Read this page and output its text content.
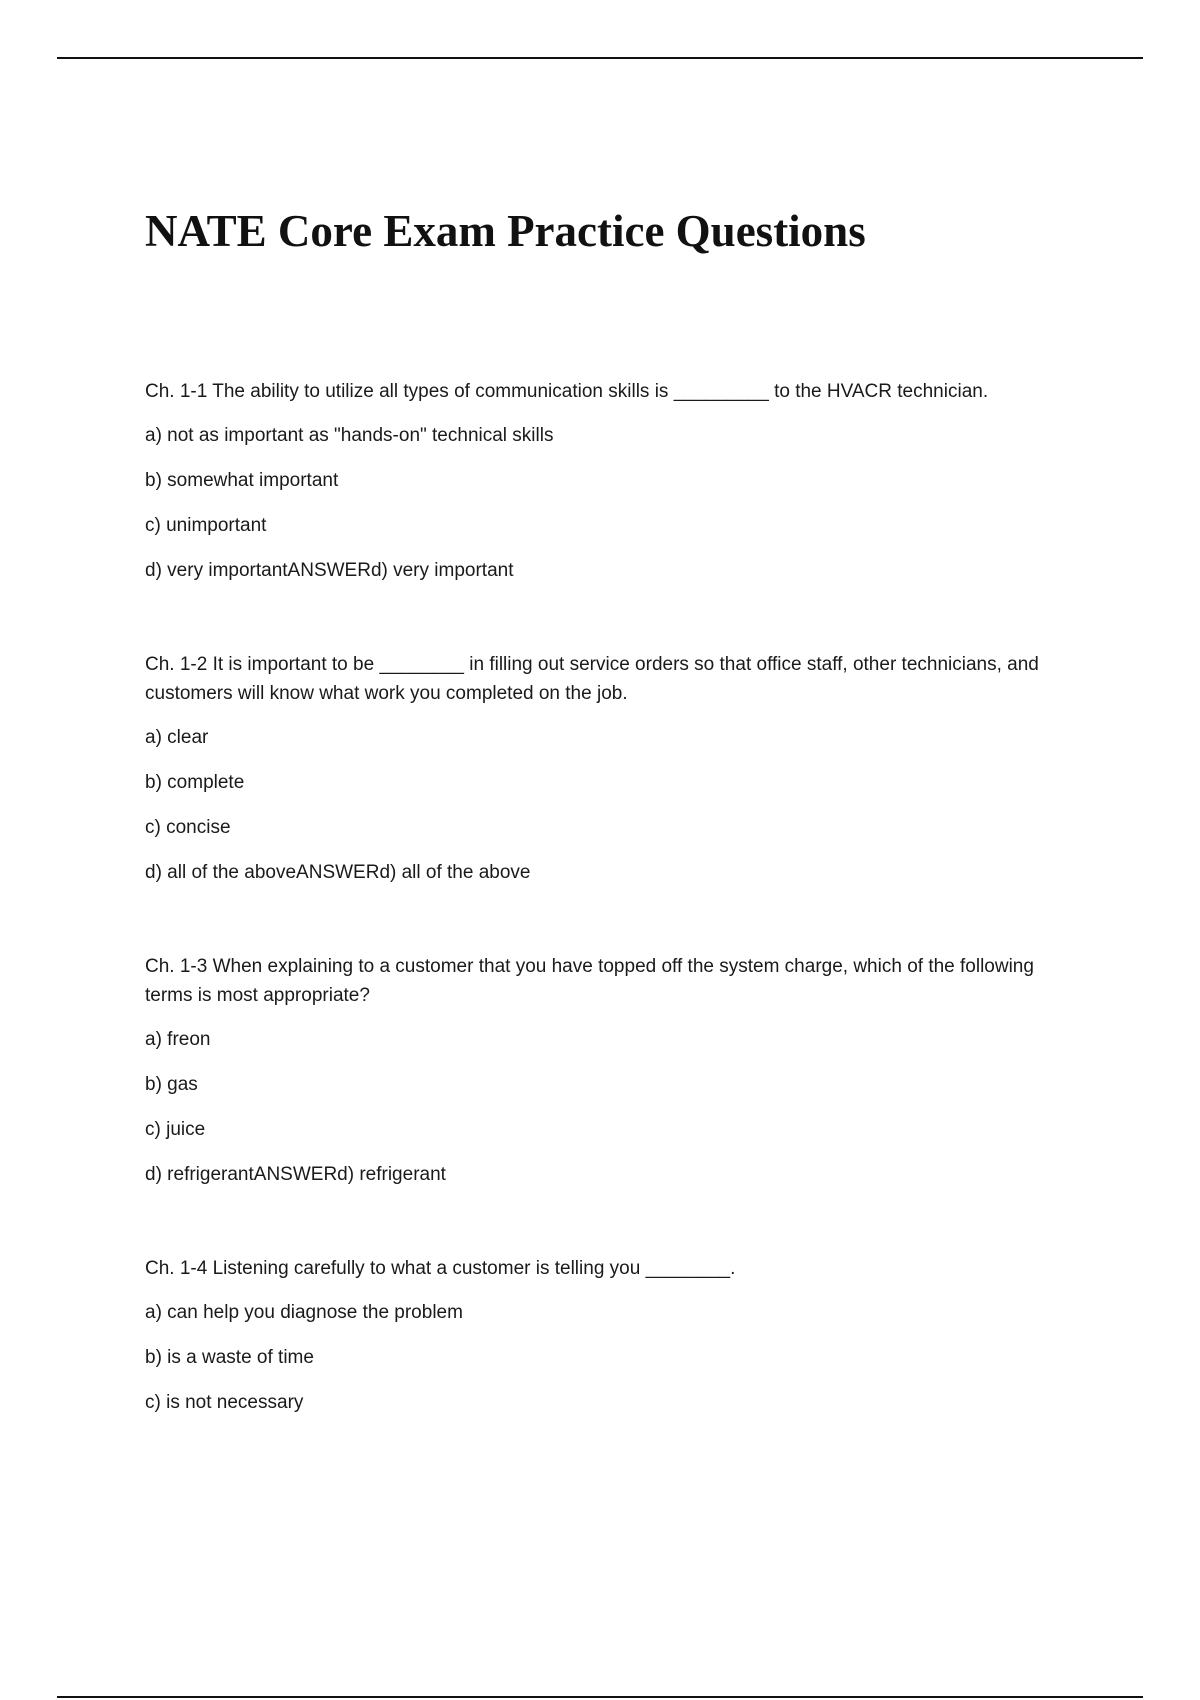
NATE Core Exam Practice Questions

Ch. 1-1 The ability to utilize all types of communication skills is _________ to the HVACR technician.

a) not as important as "hands-on" technical skills
b) somewhat important
c) unimportant
d) very importantANSWERd) very important

Ch. 1-2 It is important to be ________ in filling out service orders so that office staff, other technicians, and customers will know what work you completed on the job.

a) clear
b) complete
c) concise
d) all of the aboveANSWERd) all of the above

Ch. 1-3 When explaining to a customer that you have topped off the system charge, which of the following terms is most appropriate?

a) freon
b) gas
c) juice
d) refrigerantANSWERd) refrigerant

Ch. 1-4 Listening carefully to what a customer is telling you ________.

a) can help you diagnose the problem
b) is a waste of time
c) is not necessary
